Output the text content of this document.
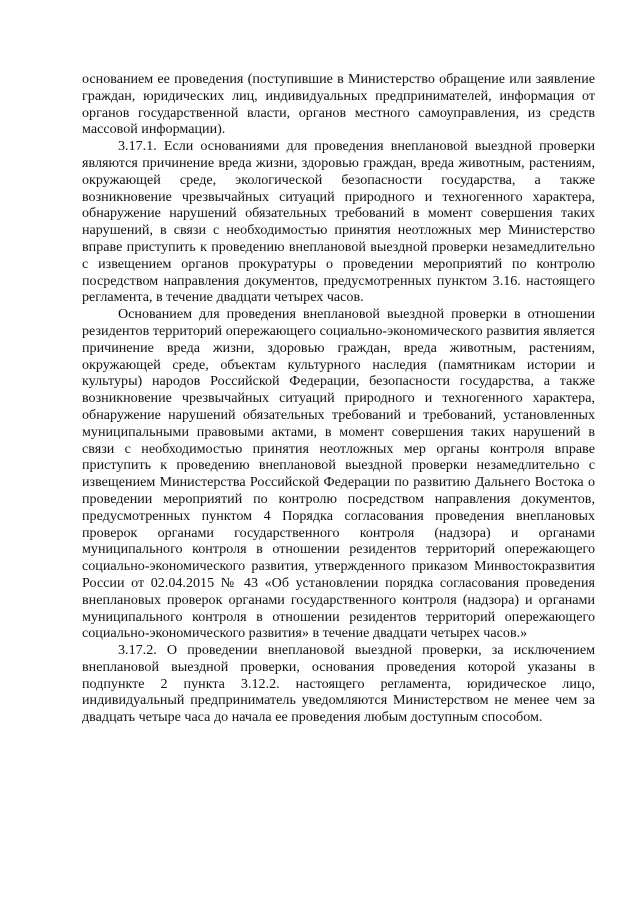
основанием ее проведения (поступившие в Министерство обращение или заявление граждан, юридических лиц, индивидуальных предпринимателей, информация от органов государственной власти, органов местного самоуправления, из средств массовой информации).

3.17.1. Если основаниями для проведения внеплановой выездной проверки являются причинение вреда жизни, здоровью граждан, вреда животным, растениям, окружающей среде, экологической безопасности государства, а также возникновение чрезвычайных ситуаций природного и техногенного характера, обнаружение нарушений обязательных требований в момент совершения таких нарушений, в связи с необходимостью принятия неотложных мер Министерство вправе приступить к проведению внеплановой выездной проверки незамедлительно с извещением органов прокуратуры о проведении мероприятий по контролю посредством направления документов, предусмотренных пунктом 3.16. настоящего регламента, в течение двадцати четырех часов.

Основанием для проведения внеплановой выездной проверки в отношении резидентов территорий опережающего социально-экономического развития является причинение вреда жизни, здоровью граждан, вреда животным, растениям, окружающей среде, объектам культурного наследия (памятникам истории и культуры) народов Российской Федерации, безопасности государства, а также возникновение чрезвычайных ситуаций природного и техногенного характера, обнаружение нарушений обязательных требований и требований, установленных муниципальными правовыми актами, в момент совершения таких нарушений в связи с необходимостью принятия неотложных мер органы контроля вправе приступить к проведению внеплановой выездной проверки незамедлительно с извещением Министерства Российской Федерации по развитию Дальнего Востока о проведении мероприятий по контролю посредством направления документов, предусмотренных пунктом 4 Порядка согласования проведения внеплановых проверок органами государственного контроля (надзора) и органами муниципального контроля в отношении резидентов территорий опережающего социально-экономического развития, утвержденного приказом Минвостокразвития России от 02.04.2015 № 43 «Об установлении порядка согласования проведения внеплановых проверок органами государственного контроля (надзора) и органами муниципального контроля в отношении резидентов территорий опережающего социально-экономического развития» в течение двадцати четырех часов.»

3.17.2. О проведении внеплановой выездной проверки, за исключением внеплановой выездной проверки, основания проведения которой указаны в подпункте 2 пункта 3.12.2. настоящего регламента, юридическое лицо, индивидуальный предприниматель уведомляются Министерством не менее чем за двадцать четыре часа до начала ее проведения любым доступным способом.
